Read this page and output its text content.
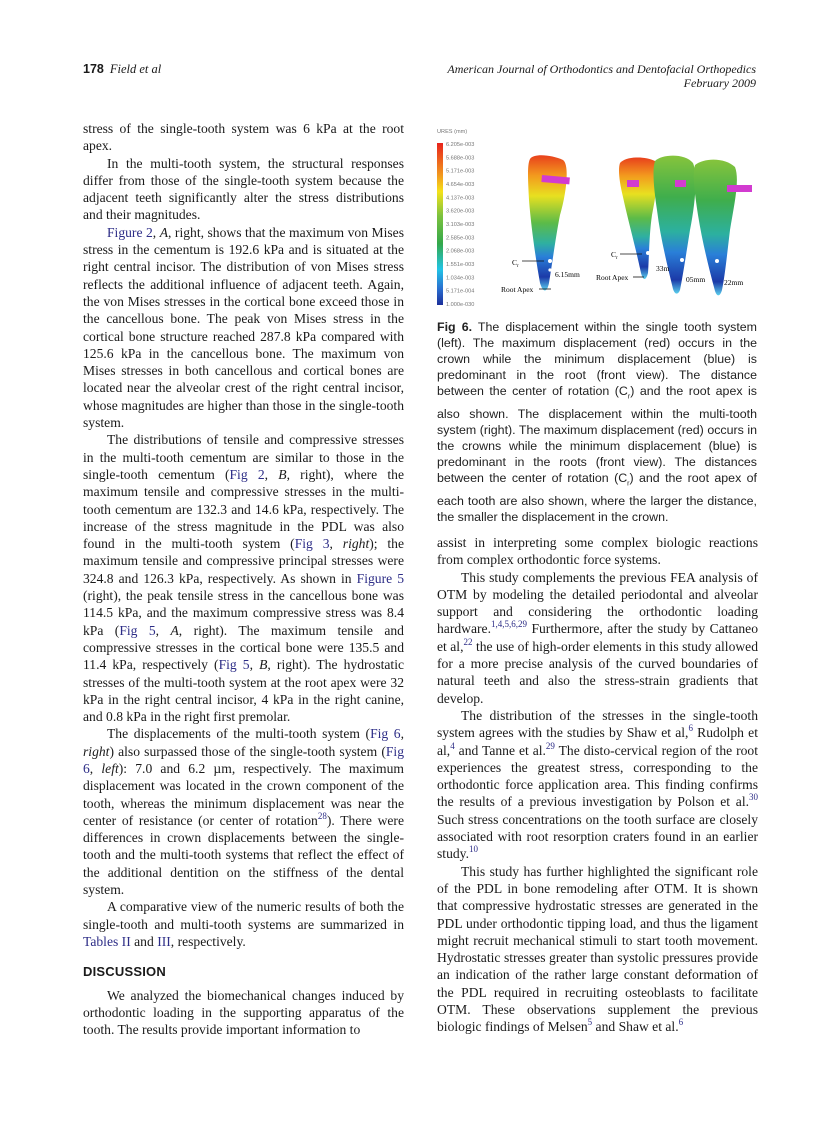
178 Field et al	American Journal of Orthodontics and Dentofacial Orthopedics
February 2009

stress of the single-tooth system was 6 kPa at the root apex.

In the multi-tooth system, the structural responses differ from those of the single-tooth system because the adjacent teeth significantly alter the stress distributions and their magnitudes.

Figure 2, A, right, shows that the maximum von Mises stress in the cementum is 192.6 kPa and is situated at the right central incisor. The distribution of von Mises stress reflects the additional influence of adjacent teeth. Again, the von Mises stresses in the cortical bone exceed those in the cancellous bone. The peak von Mises stress in the cortical bone structure reached 287.8 kPa compared with 125.6 kPa in the cancellous bone. The maximum von Mises stresses in both cancellous and cortical bones are located near the alveolar crest of the right central incisor, whose magnitudes are higher than those in the single-tooth system.

The distributions of tensile and compressive stresses in the multi-tooth cementum are similar to those in the single-tooth cementum (Fig 2, B, right), where the maximum tensile and compressive stresses in the multi-tooth cementum are 132.3 and 14.6 kPa, respectively. The increase of the stress magnitude in the PDL was also found in the multi-tooth system (Fig 3, right); the maximum tensile and compressive principal stresses were 324.8 and 126.3 kPa, respectively. As shown in Figure 5 (right), the peak tensile stress in the cancellous bone was 114.5 kPa, and the maximum compressive stress was 8.4 kPa (Fig 5, A, right). The maximum tensile and compressive stresses in the cortical bone were 135.5 and 11.4 kPa, respectively (Fig 5, B, right). The hydrostatic stresses of the multi-tooth system at the root apex were 32 kPa in the right central incisor, 4 kPa in the right canine, and 0.8 kPa in the right first premolar.

The displacements of the multi-tooth system (Fig 6, right) also surpassed those of the single-tooth system (Fig 6, left): 7.0 and 6.2 µm, respectively. The maximum displacement was located in the crown component of the tooth, whereas the minimum displacement was near the center of resistance (or center of rotation$^{28}$). There were differences in crown displacements between the single-tooth and the multi-tooth systems that reflect the effect of the additional dentition on the stiffness of the dental system.

A comparative view of the numeric results of both the single-tooth and multi-tooth systems are summarized in Tables II and III, respectively.

DISCUSSION

We analyzed the biomechanical changes induced by orthodontic loading in the supporting apparatus of the tooth. The results provide important information to

assist in interpreting some complex biologic reactions from complex orthodontic force systems.

This study complements the previous FEA analysis of OTM by modeling the detailed periodontal and alveolar support and considering the orthodontic loading hardware.$^{1,4,5,6,29}$ Furthermore, after the study by Cattaneo et al,$^{22}$ the use of high-order elements in this study allowed for a more precise analysis of the curved boundaries of natural teeth and also the stress-strain gradients that develop.

The distribution of the stresses in the single-tooth system agrees with the studies by Shaw et al,$^6$ Rudolph et al,$^4$ and Tanne et al.$^{29}$ The disto-cervical region of the root experiences the greatest stress, corresponding to the orthodontic force application area. This finding confirms the results of a previous investigation by Polson et al.$^{30}$ Such stress concentrations on the tooth surface are closely associated with root resorption craters found in an earlier study.$^{10}$

This study has further highlighted the significant role of the PDL in bone remodeling after OTM. It is shown that compressive hydrostatic stresses are generated in the PDL under orthodontic tipping load, and thus the ligament might recruit mechanical stimuli to start tooth movement. Hydrostatic stresses greater than systolic pressures provide an indication of the rather large constant deformation of the PDL required in recruiting osteoblasts to facilitate OTM. These observations supplement the previous biologic findings of Melsen$^5$ and Shaw et al.$^6$

URES (mm)
6.205e-003
5.688e-003
5.171e-003
4.654e-003
4.137e-003
3.620e-003
3.103e-003
2.585e-003
2.068e-003
1.551e-003
1.034e-003
5.171e-004
1.000e-030
$C_r$
6.15mm
Root Apex
$C_r$
Root Apex
33m
05mm	22mm
Fig 6. The displacement within the single tooth system (left). The maximum displacement (red) occurs in the crown while the minimum displacement (blue) is predominant in the root (front view). The distance between the center of rotation $(C_r)$ and the root apex is also shown. The displacement within the multi-tooth system (right). The maximum displacement (red) occurs in the crowns while the minimum displacement (blue) is predominant in the roots (front view). The distances between the center of rotation $(C_r)$ and the root apex of each tooth are also shown, where the larger the distance, the smaller the displacement in the crown.
